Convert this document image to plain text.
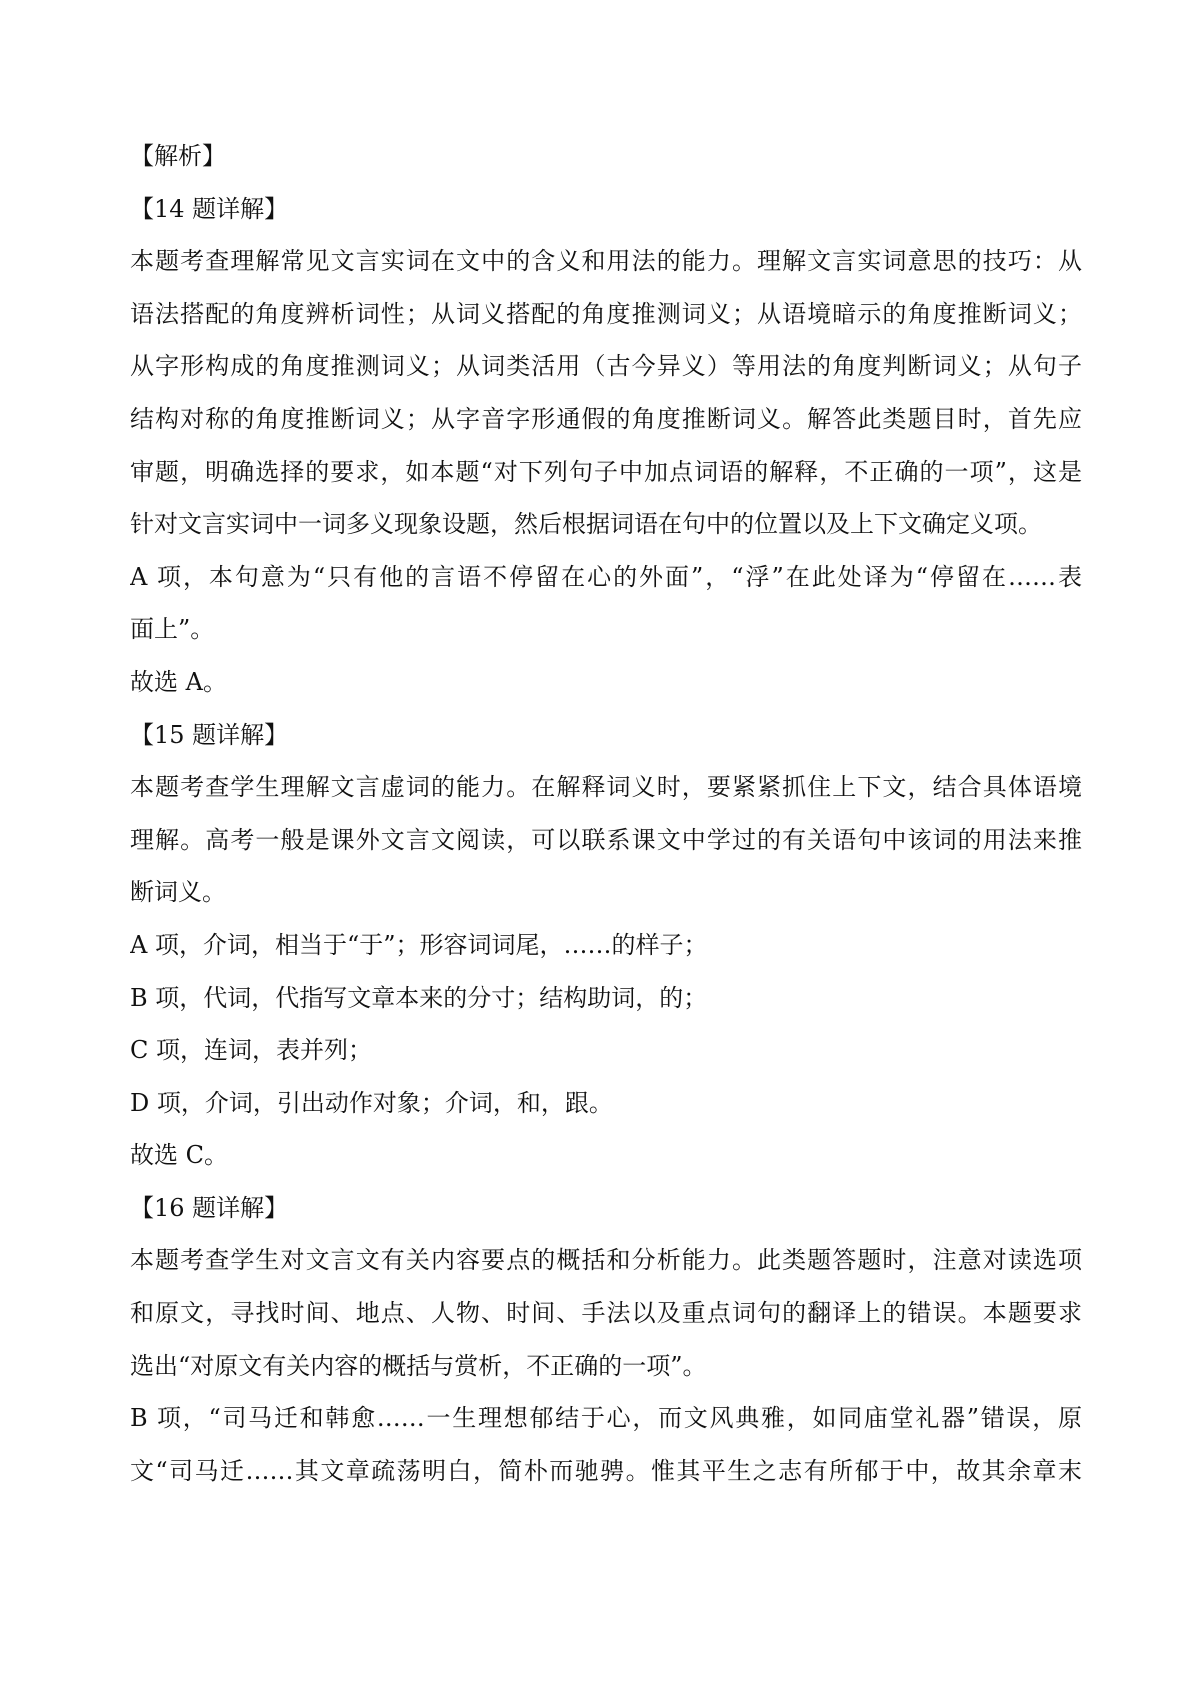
【解析】
【14 题详解】
本题考查理解常见文言实词在文中的含义和用法的能力。理解文言实词意思的技巧：从
语法搭配的角度辨析词性；从词义搭配的角度推测词义；从语境暗示的角度推断词义；
从字形构成的角度推测词义；从词类活用（古今异义）等用法的角度判断词义；从句子
结构对称的角度推断词义；从字音字形通假的角度推断词义。解答此类题目时，首先应
审题，明确选择的要求，如本题“对下列句子中加点词语的解释，不正确的一项”，这是
针对文言实词中一词多义现象设题，然后根据词语在句中的位置以及上下文确定义项。
A 项，本句意为“只有他的言语不停留在心的外面”，“浮”在此处译为“停留在……表
面上”。
故选 A。
【15 题详解】
本题考查学生理解文言虚词的能力。在解释词义时，要紧紧抓住上下文，结合具体语境
理解。高考一般是课外文言文阅读，可以联系课文中学过的有关语句中该词的用法来推
断词义。
A 项，介词，相当于“于”；形容词词尾，……的样子；
B 项，代词，代指写文章本来的分寸；结构助词，的；
C 项，连词，表并列；
D 项，介词，引出动作对象；介词，和，跟。
故选 C。
【16 题详解】
本题考查学生对文言文有关内容要点的概括和分析能力。此类题答题时，注意对读选项
和原文，寻找时间、地点、人物、时间、手法以及重点词句的翻译上的错误。本题要求
选出“对原文有关内容的概括与赏析，不正确的一项”。
B 项，“司马迁和韩愈……一生理想郁结于心，而文风典雅，如同庙堂礼器”错误，原
文“司马迁……其文章疏荡明白，简朴而驰骋。惟其平生之志有所郁于中，故其余章末
